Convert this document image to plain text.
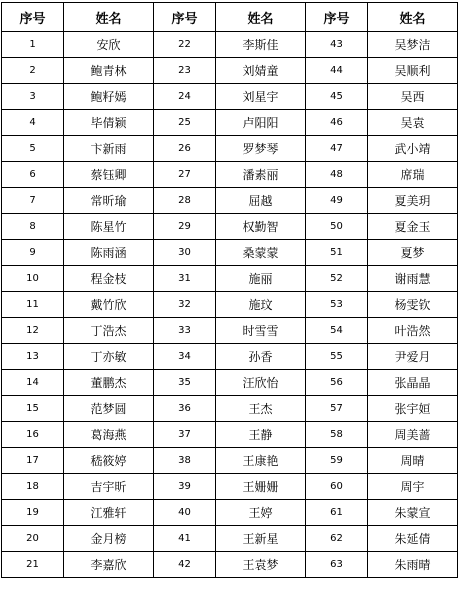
序号	姓名	序号	姓名	序号	姓名
1	安欣	22	李斯佳	43	吴梦洁
2	鲍青林	23	刘婧童	44	吴顺利
3	鲍籽嫣	24	刘星宇	45	吴西
4	毕倩颖	25	卢阳阳	46	吴袁
5	卞新雨	26	罗梦琴	47	武小靖
6	蔡钰卿	27	潘素丽	48	席瑞
7	常昕瑜	28	屈越	49	夏美玥
8	陈星竹	29	权勤智	50	夏金玉
9	陈雨涵	30	桑蒙蒙	51	夏梦
10	程金枝	31	施丽	52	谢雨慧
11	戴竹欣	32	施玟	53	杨雯钦
12	丁浩杰	33	时雪雪	54	叶浩然
13	丁亦敏	34	孙香	55	尹爱月
14	董鹏杰	35	汪欣怡	56	张晶晶
15	范梦圆	36	王杰	57	张宇姮
16	葛海燕	37	王静	58	周美蔷
17	嵇筱婷	38	王康艳	59	周晴
18	吉宇昕	39	王姗姗	60	周宇
19	江雅轩	40	王婷	61	朱蒙宣
20	金月榜	41	王新星	62	朱延倩
21	李嘉欣	42	王袁梦	63	朱雨晴
